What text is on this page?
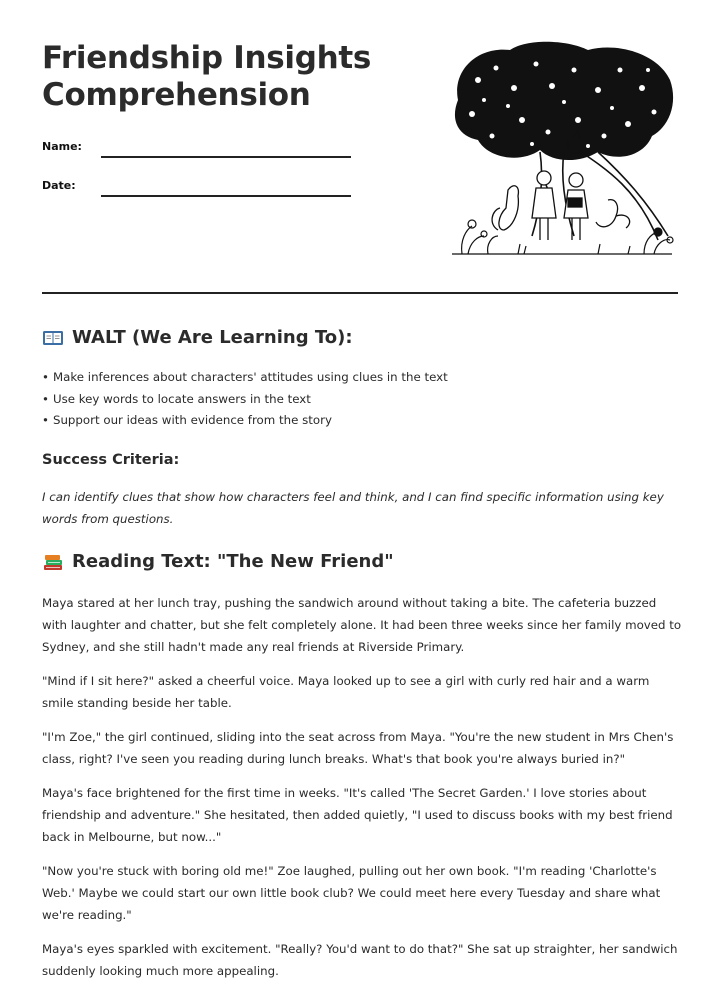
Friendship Insights
Comprehension
Name:
Date:
WALT (We Are Learning To):
• Make inferences about characters' attitudes using clues in the text
• Use key words to locate answers in the text
• Support our ideas with evidence from the story
Success Criteria:

I can identify clues that show how characters feel and think, and I can find specific information using key words from questions.

Reading Text: "The New Friend"

Maya stared at her lunch tray, pushing the sandwich around without taking a bite. The cafeteria buzzed with laughter and chatter, but she felt completely alone. It had been three weeks since her family moved to Sydney, and she still hadn't made any real friends at Riverside Primary.

"Mind if I sit here?" asked a cheerful voice. Maya looked up to see a girl with curly red hair and a warm smile standing beside her table.

"I'm Zoe," the girl continued, sliding into the seat across from Maya. "You're the new student in Mrs Chen's class, right? I've seen you reading during lunch breaks. What's that book you're always buried in?"

Maya's face brightened for the first time in weeks. "It's called 'The Secret Garden.' I love stories about friendship and adventure." She hesitated, then added quietly, "I used to discuss books with my best friend back in Melbourne, but now..."

"Now you're stuck with boring old me!" Zoe laughed, pulling out her own book. "I'm reading 'Charlotte's Web.' Maybe we could start our own little book club? We could meet here every Tuesday and share what we're reading."

Maya's eyes sparkled with excitement. "Really? You'd want to do that?" She sat up straighter, her sandwich suddenly looking much more appealing.
